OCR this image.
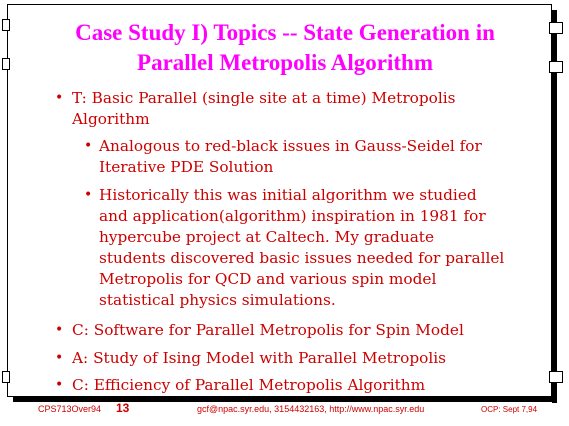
Case Study I) Topics -- State Generation in
Parallel Metropolis Algorithm
• T: Basic Parallel (single site at a time) Metropolis
Algorithm
• Analogous to red-black issues in Gauss-Seidel for
Iterative PDE Solution
• Historically this was initial algorithm we studied
and application(algorithm) inspiration in 1981 for
hypercube project at Caltech. My graduate
students discovered basic issues needed for parallel
Metropolis for QCD and various spin model
statistical physics simulations.
• C: Software for Parallel Metropolis for Spin Model
• A: Study of Ising Model with Parallel Metropolis
• C: Efficiency of Parallel Metropolis Algorithm
CPS713Over94 13	gcf@npac.syr.edu, 3154432163, http://www.npac.syr.edu	OCP: Sept 7,94
